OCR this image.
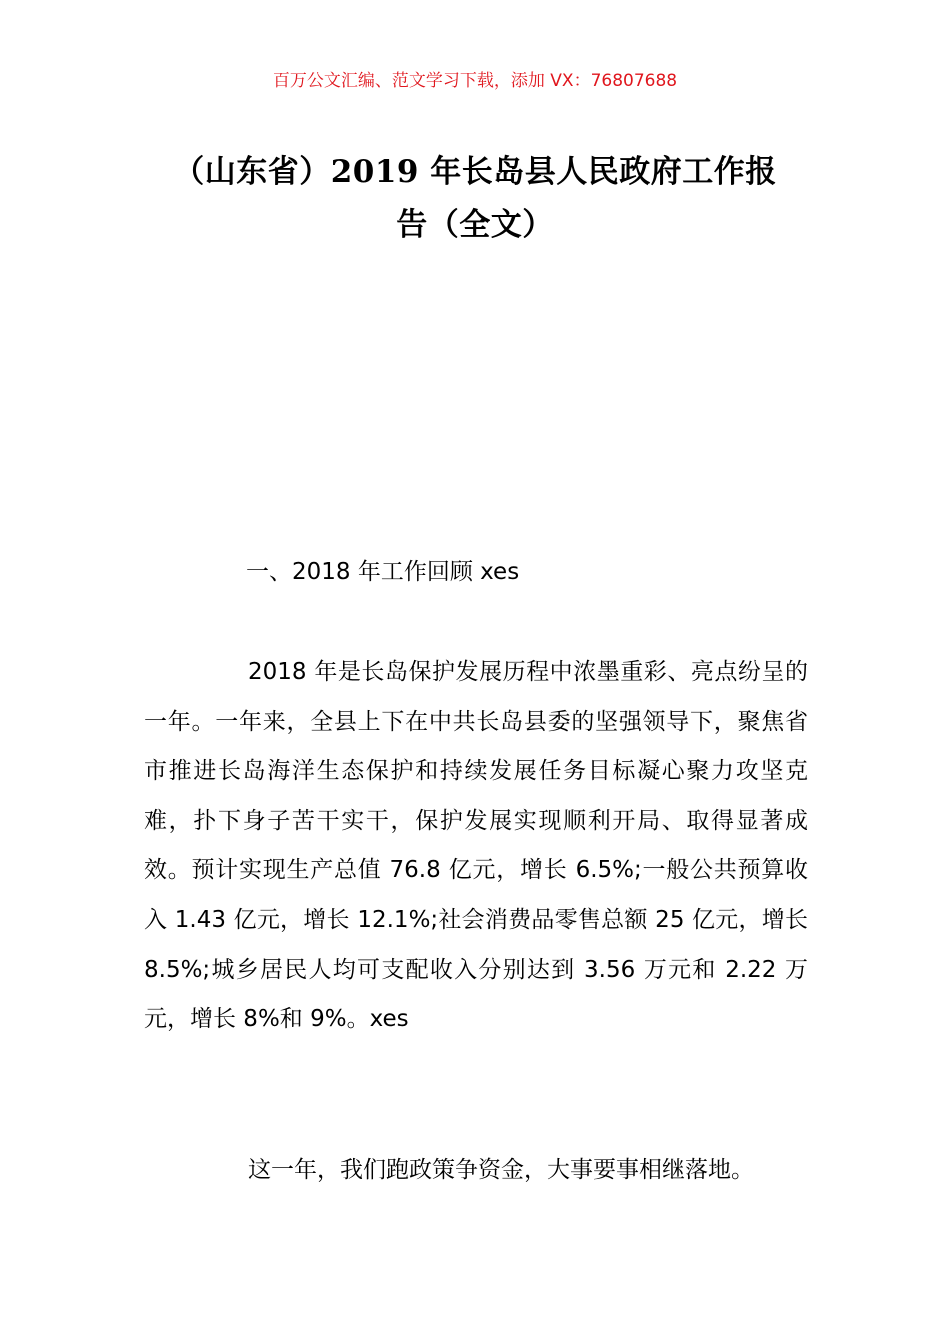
百万公文汇编、范文学习下载，添加 VX：76807688
（山东省）2019 年长岛县人民政府工作报
告（全文）
一、2018 年工作回顾 xes
2018 年是长岛保护发展历程中浓墨重彩、亮点纷呈的一年。一年来，全县上下在中共长岛县委的坚强领导下，聚焦省市推进长岛海洋生态保护和持续发展任务目标凝心聚力攻坚克难，扑下身子苦干实干，保护发展实现顺利开局、取得显著成效。预计实现生产总值 76.8 亿元，增长 6.5%;一般公共预算收入 1.43 亿元，增长 12.1%;社会消费品零售总额 25 亿元，增长 8.5%;城乡居民人均可支配收入分别达到 3.56 万元和 2.22 万元，增长 8%和 9%。xes
这一年，我们跑政策争资金，大事要事相继落地。
